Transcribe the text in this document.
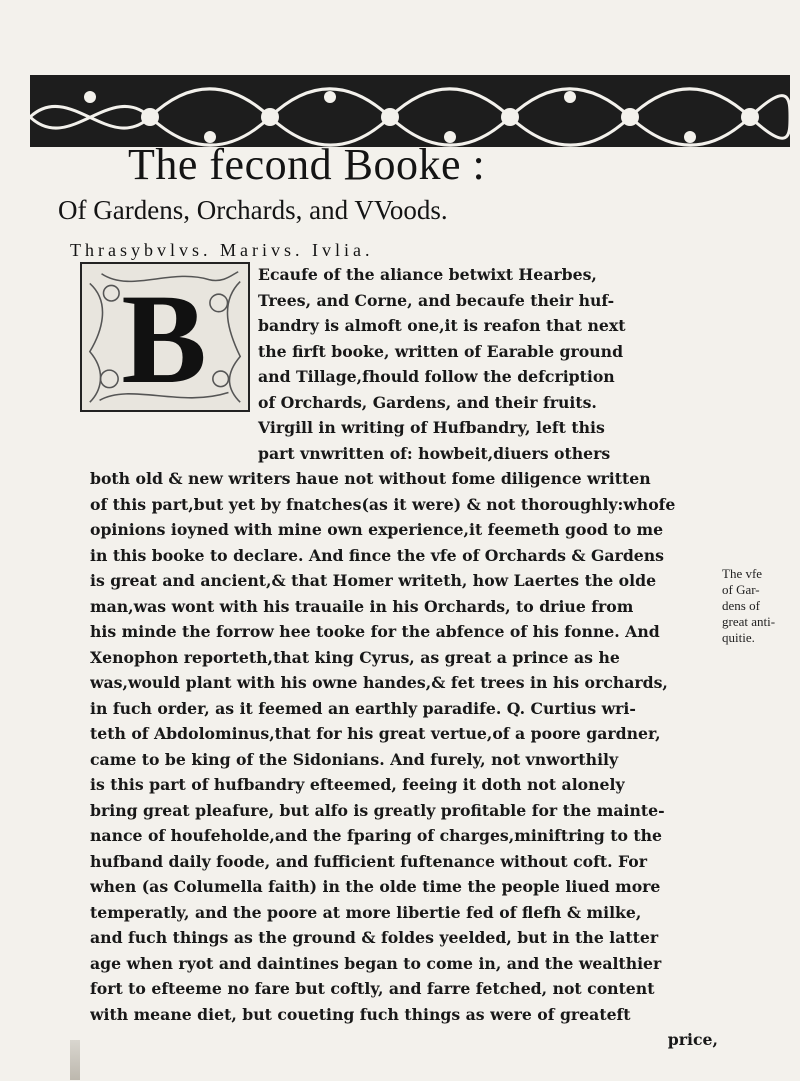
The fecond Booke :
Of Gardens, Orchards, and VVoods.
Thrasybvlvs. Marivs. Ivlia.
B	Ecaufe of the aliance betwixt Hearbes,
Trees, and Corne, and becaufe their huf-
bandry is almoft one,it is reafon that next
the firft booke, written of Earable ground
and Tillage,fhould follow the defcription
of Orchards, Gardens, and their fruits.
Virgill in writing of Hufbandry, left this
part vnwritten of: howbeit,diuers others
both old & new writers haue not without fome diligence written
of this part,but yet by fnatches(as it were) & not thoroughly:whofe
opinions ioyned with mine own experience,it feemeth good to me
in this booke to declare. And fince the vfe of Orchards & Gardens
is great and ancient,& that Homer writeth, how Laertes the olde
man,was wont with his trauaile in his Orchards, to driue from
his minde the forrow hee tooke for the abfence of his fonne. And
Xenophon reporteth,that king Cyrus, as great a prince as he
was,would plant with his owne handes,& fet trees in his orchards,
in fuch order, as it feemed an earthly paradife. Q. Curtius wri-
teth of Abdolominus,that for his great vertue,of a poore gardner,
came to be king of the Sidonians. And furely, not vnworthily
is this part of hufbandry efteemed, feeing it doth not alonely
bring great pleafure, but alfo is greatly profitable for the mainte-
nance of houfeholde,and the fparing of charges,miniftring to the
hufband daily foode, and fufficient fuftenance without coft. For
when (as Columella faith) in the olde time the people liued more
temperatly, and the poore at more libertie fed of flefh & milke,
and fuch things as the ground & foldes yeelded, but in the latter
age when ryot and daintines began to come in, and the wealthier
fort to efteeme no fare but coftly, and farre fetched, not content
with meane diet, but coueting fuch things as were of greateft
price,
The vfe
of Gar-
dens of
great anti-
quitie.
